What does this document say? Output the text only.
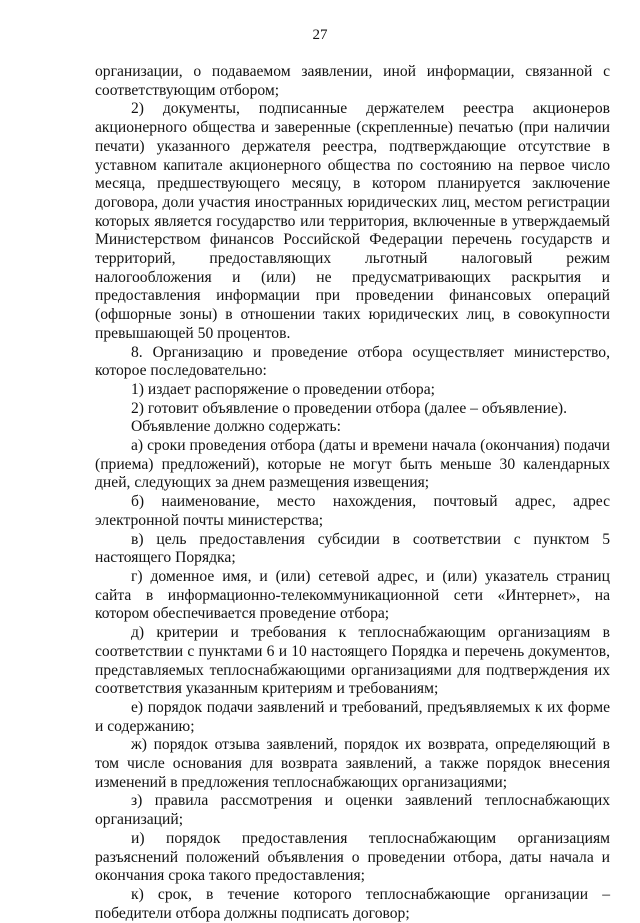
27

организации, о подаваемом заявлении, иной информации, связанной с соответствующим отбором;

2) документы, подписанные держателем реестра акционеров акционерного общества и заверенные (скрепленные) печатью (при наличии печати) указанного держателя реестра, подтверждающие отсутствие в уставном капитале акционерного общества по состоянию на первое число месяца, предшествующего месяцу, в котором планируется заключение договора, доли участия иностранных юридических лиц, местом регистрации которых является государство или территория, включенные в утверждаемый Министерством финансов Российской Федерации перечень государств и территорий, предоставляющих льготный налоговый режим налогообложения и (или) не предусматривающих раскрытия и предоставления информации при проведении финансовых операций (офшорные зоны) в отношении таких юридических лиц, в совокупности превышающей 50 процентов.

8. Организацию и проведение отбора осуществляет министерство, которое последовательно:

1) издает распоряжение о проведении отбора;

2) готовит объявление о проведении отбора (далее – объявление).

Объявление должно содержать:

а) сроки проведения отбора (даты и времени начала (окончания) подачи (приема) предложений), которые не могут быть меньше 30 календарных дней, следующих за днем размещения извещения;

б) наименование, место нахождения, почтовый адрес, адрес электронной почты министерства;

в) цель предоставления субсидии в соответствии с пунктом 5 настоящего Порядка;

г) доменное имя, и (или) сетевой адрес, и (или) указатель страниц сайта в информационно-телекоммуникационной сети «Интернет», на котором обеспечивается проведение отбора;

д) критерии и требования к теплоснабжающим организациям в соответствии с пунктами 6 и 10 настоящего Порядка и перечень документов, представляемых теплоснабжающими организациями для подтверждения их соответствия указанным критериям и требованиям;

е) порядок подачи заявлений и требований, предъявляемых к их форме и содержанию;

ж) порядок отзыва заявлений, порядок их возврата, определяющий в том числе основания для возврата заявлений, а также порядок внесения изменений в предложения теплоснабжающих организациями;

з) правила рассмотрения и оценки заявлений теплоснабжающих организаций;

и) порядок предоставления теплоснабжающим организациям разъяснений положений объявления о проведении отбора, даты начала и окончания срока такого предоставления;

к) срок, в течение которого теплоснабжающие организации – победители отбора должны подписать договор;
